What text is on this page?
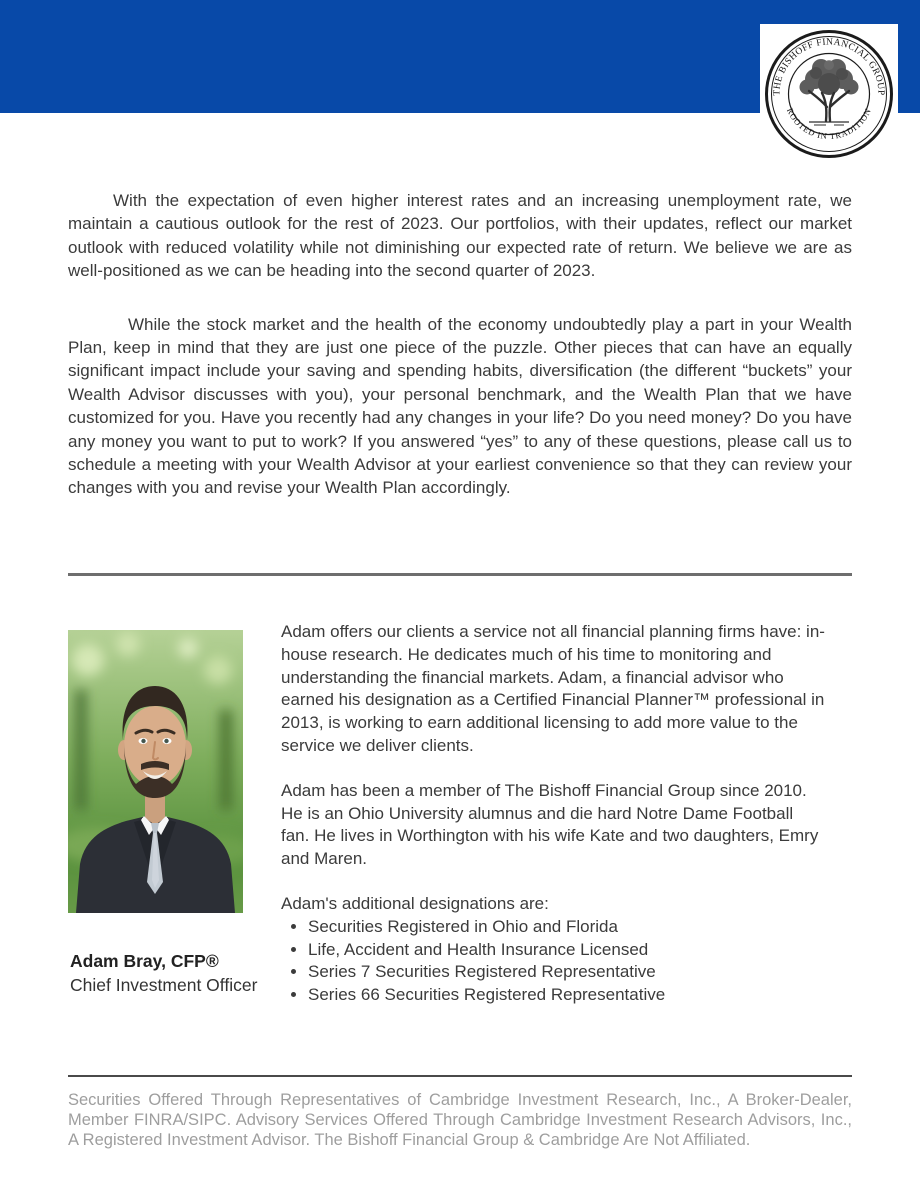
THE BISHOFF FINANCIAL GROUP
ROOTED IN TRADITION

With the expectation of even higher interest rates and an increasing unemployment rate, we maintain a cautious outlook for the rest of 2023. Our portfolios, with their updates, reflect our market outlook with reduced volatility while not diminishing our expected rate of return. We believe we are as well-positioned as we can be heading into the second quarter of 2023.

While the stock market and the health of the economy undoubtedly play a part in your Wealth Plan, keep in mind that they are just one piece of the puzzle. Other pieces that can have an equally significant impact include your saving and spending habits, diversification (the different “buckets” your Wealth Advisor discusses with you), your personal benchmark, and the Wealth Plan that we have customized for you. Have you recently had any changes in your life? Do you need money? Do you have any money you want to put to work? If you answered “yes” to any of these questions, please call us to schedule a meeting with your Wealth Advisor at your earliest convenience so that they can review your changes with you and revise your Wealth Plan accordingly.

Adam Bray, CFP®
Chief Investment Officer

Adam offers our clients a service not all financial planning firms have: in-house research. He dedicates much of his time to monitoring and understanding the financial markets. Adam, a financial advisor who earned his designation as a Certified Financial Planner™ professional in 2013, is working to earn additional licensing to add more value to the service we deliver clients.

Adam has been a member of The Bishoff Financial Group since 2010. He is an Ohio University alumnus and die hard Notre Dame Football fan. He lives in Worthington with his wife Kate and two daughters, Emry and Maren.

Adam's additional designations are:

• Securities Registered in Ohio and Florida
• Life, Accident and Health Insurance Licensed
• Series 7 Securities Registered Representative
• Series 66 Securities Registered Representative
Securities Offered Through Representatives of Cambridge Investment Research, Inc., A Broker-Dealer, Member FINRA/SIPC. Advisory Services Offered Through Cambridge Investment Research Advisors, Inc., A Registered Investment Advisor. The Bishoff Financial Group & Cambridge Are Not Affiliated.
